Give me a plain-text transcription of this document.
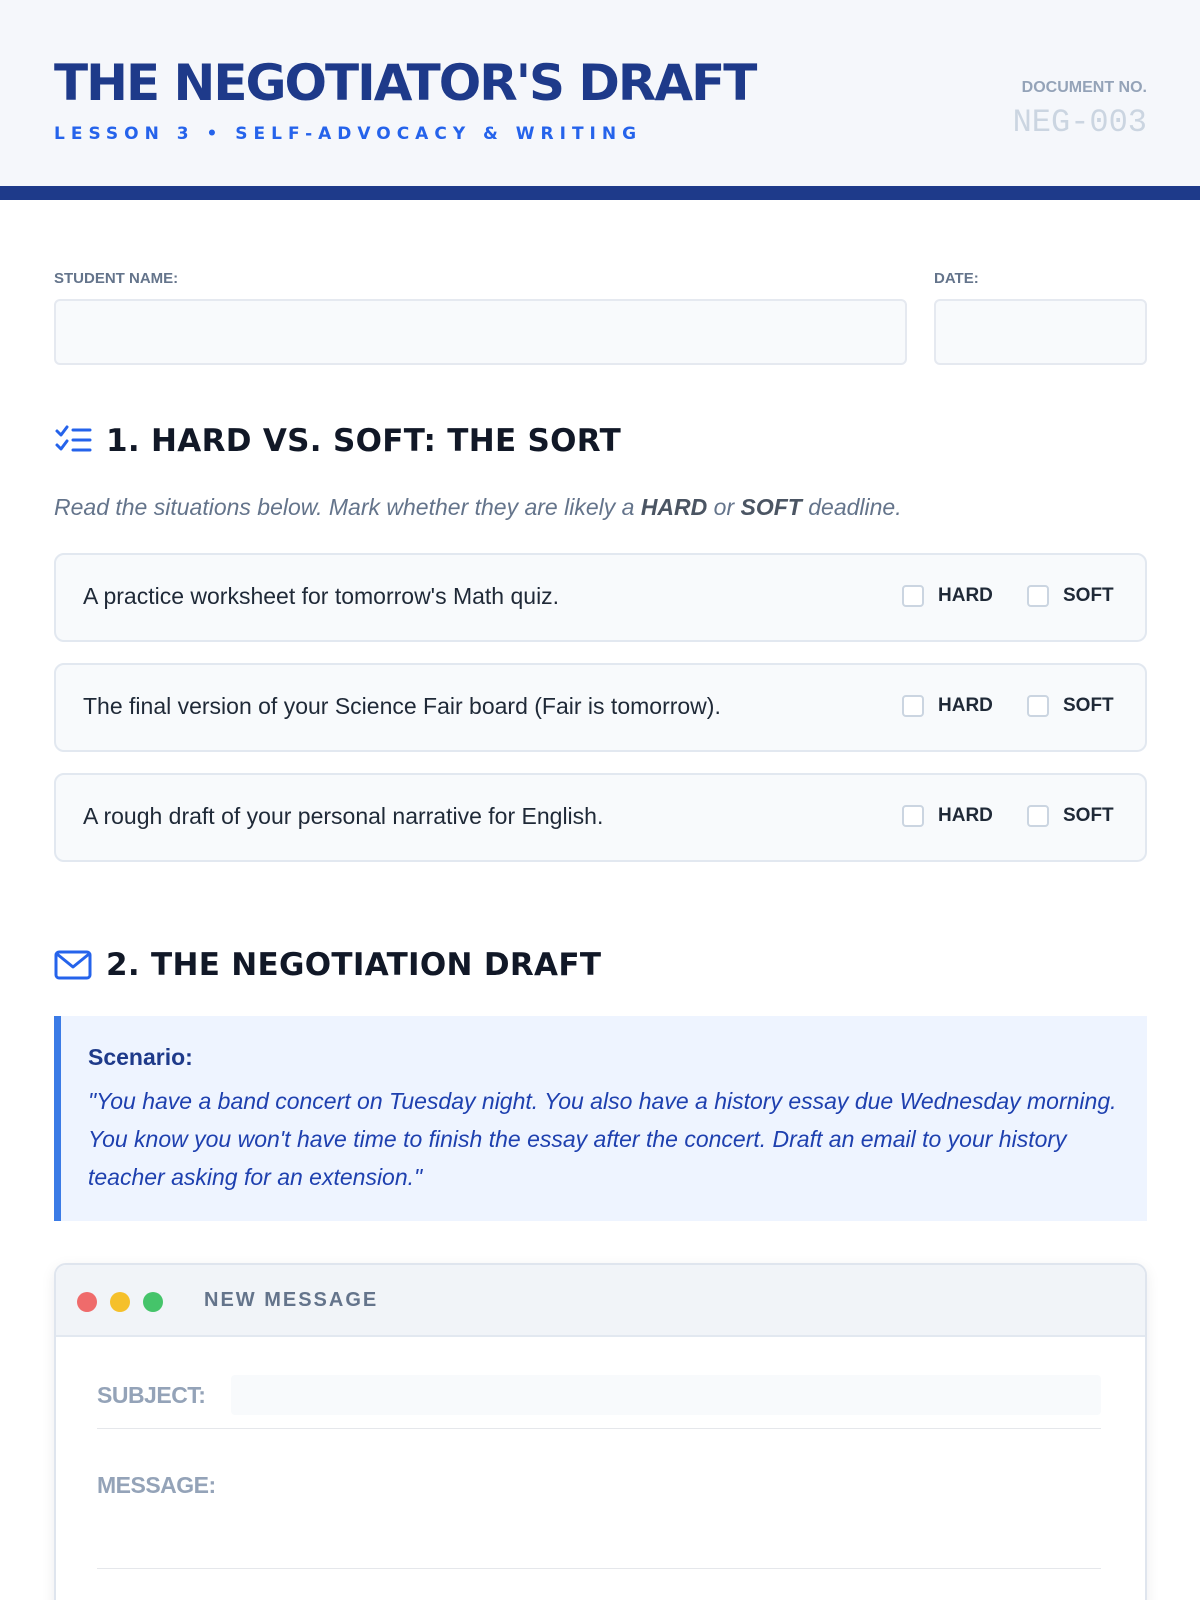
THE NEGOTIATOR'S DRAFT
LESSON 3 • SELF-ADVOCACY & WRITING
DOCUMENT NO.
NEG-003
STUDENT NAME:	DATE:
1. HARD VS. SOFT: THE SORT
Read the situations below. Mark whether they are likely a HARD or SOFT deadline.
A practice worksheet for tomorrow's Math quiz.	HARD	SOFT
The final version of your Science Fair board (Fair is tomorrow).	HARD	SOFT
A rough draft of your personal narrative for English.	HARD	SOFT
2. THE NEGOTIATION DRAFT
Scenario:
"You have a band concert on Tuesday night. You also have a history essay due Wednesday morning. You know you won't have time to finish the essay after the concert. Draft an email to your history teacher asking for an extension."
NEW MESSAGE
SUBJECT:
MESSAGE:
